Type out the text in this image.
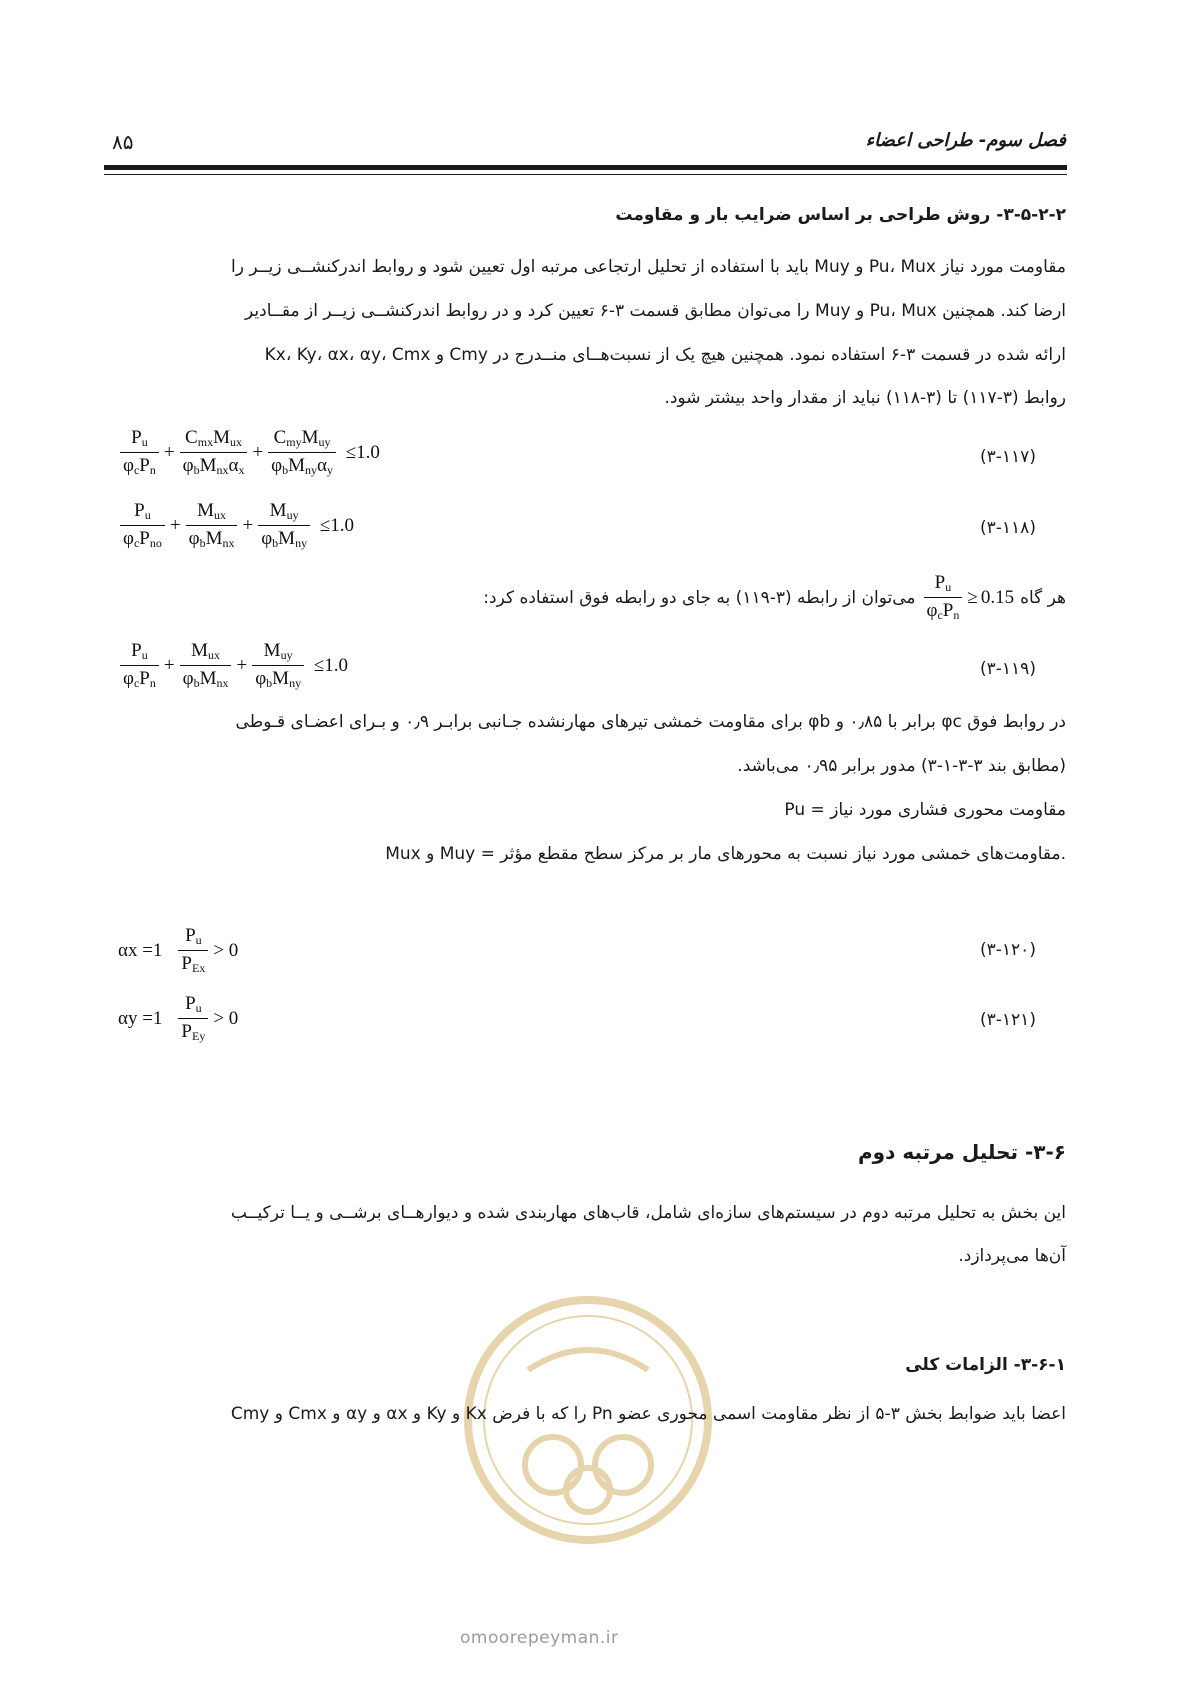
۸۵	فصل سوم- طراحی اعضاء
۳-۵-۲-۲- روش طراحی بر اساس ضرایب بار و مقاومت
مقاومت مورد نیاز Pu، Mux و Muy باید با استفاده از تحلیل ارتجاعی مرتبه اول تعیین شود و روابط اندرکنشــی زیــر را
ارضا کند. همچنین Pu، Mux و Muy را می‌توان مطابق قسمت ۳-۶ تعیین کرد و در روابط اندرکنشــی زیــر از مقــادیر
Kx، Ky، αx، αy، Cmx و Cmy ارائه شده در قسمت ۳-۶ استفاده نمود. همچنین هیچ یک از نسبت‌هــای منــدرج در
روابط (۳-۱۱۷) تا (۳-۱۱۸) نباید از مقدار واحد بیشتر شود.
$\frac{P_u}{\varphi_cP_n} + \frac{C_{mx}M_{ux}}{\varphi_bM_{nx}\alpha_x} + \frac{C_{my}M_{uy}}{\varphi_bM_{ny}\alpha_y} \le 1.0$	(۳-۱۱۷)
$\frac{P_u}{\varphi_cP_{no}} + \frac{M_{ux}}{\varphi_bM_{nx}} + \frac{M_{uy}}{\varphi_bM_{ny}} \le 1.0$	(۳-۱۱۸)
هر گاه
$\frac{P_u}{\varphi_cP_n} \ge 0.15$
می‌توان از رابطه (۳-۱۱۹) به جای دو رابطه فوق استفاده کرد:
$\frac{P_u}{\varphi_cP_n} + \frac{M_{ux}}{\varphi_bM_{nx}} + \frac{M_{uy}}{\varphi_bM_{ny}} \le 1.0$	(۳-۱۱۹)
در روابط فوق φc برابر با ۰٫۸۵ و φb برای مقاومت خمشی تیرهای مهارنشده جـانبی برابـر ۰٫۹ و بـرای اعضـای قـوطی
(مطابق بند ۳-۳-۱-۳) مدور برابر ۰٫۹۵ می‌باشد.
Pu = مقاومت محوری فشاری مورد نیاز
Mux و Muy = مقاومت‌های خمشی مورد نیاز نسبت به محورهای مار بر مرکز سطح مقطع مؤثر.
$\alpha x =1 \frac{P_u}{P_{Ex}} > 0$	(۳-۱۲۰)
$\alpha y =1 \frac{P_u}{P_{Ey}} > 0$	(۳-۱۲۱)
۳-۶- تحلیل مرتبه دوم
این بخش به تحلیل مرتبه دوم در سیستم‌های سازه‌ای شامل، قاب‌های مهاربندی شده و دیوارهــای برشــی و یــا ترکیــب
آن‌ها می‌پردازد.
۳-۶-۱- الزامات کلی
اعضا باید ضوابط بخش ۳-۵ از نظر مقاومت اسمی محوری عضو Pn را که با فرض Kx و Ky و αx و αy و Cmx و Cmy
omoorepeyman.ir
